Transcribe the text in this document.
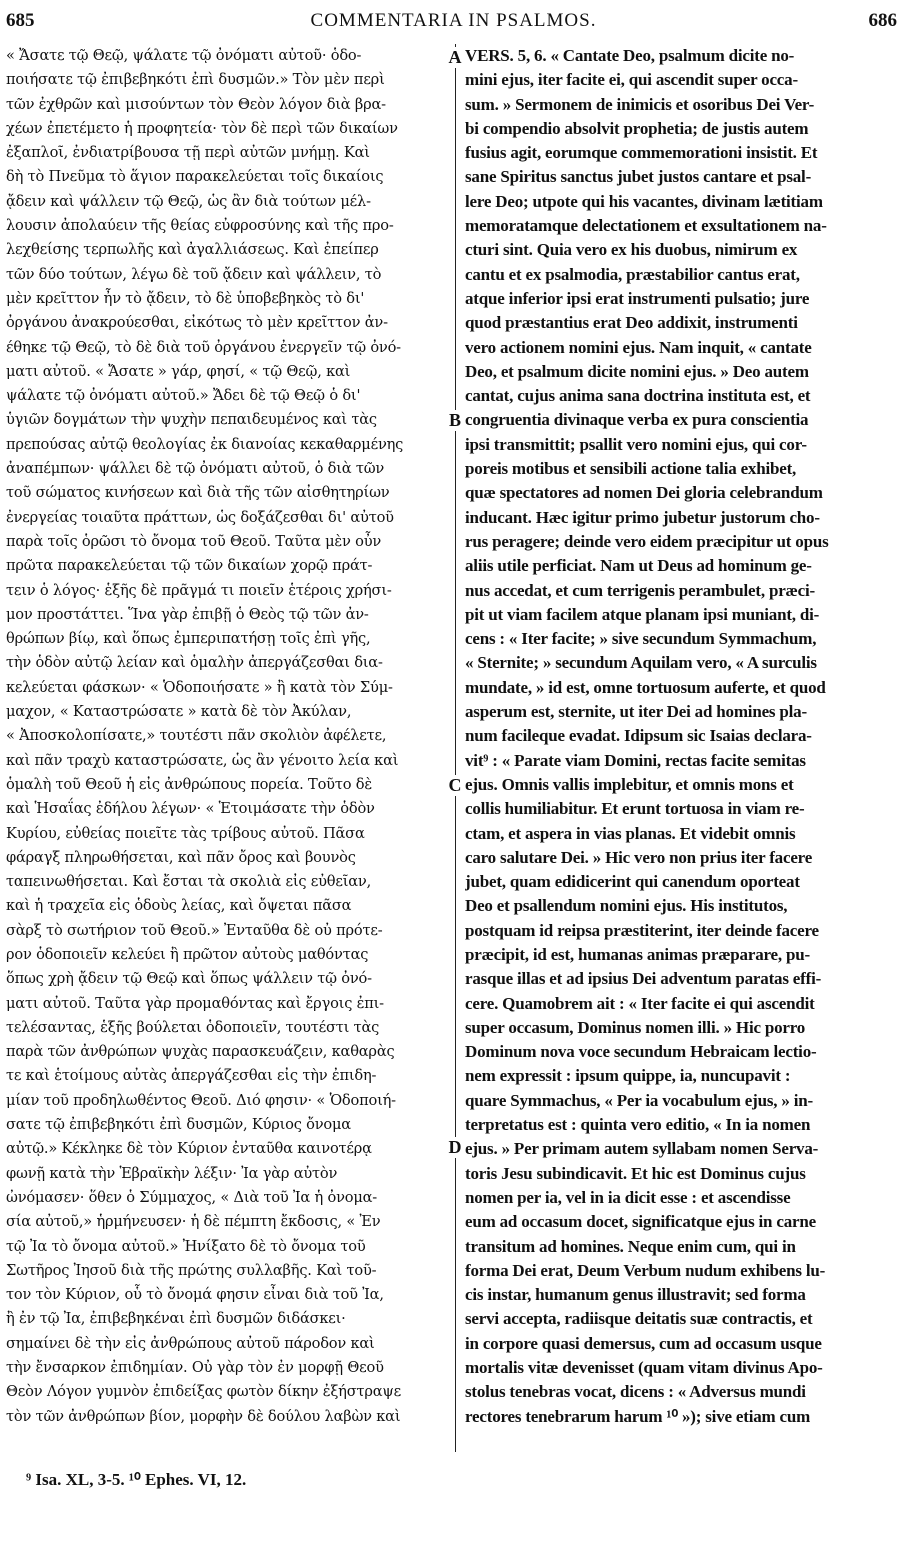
685	COMMENTARIA IN PSALMOS.	686
« Ἄσατε τῷ Θεῷ, ψάλατε τῷ ὀνόματι αὐτοῦ· ὁδο-
ποιήσατε τῷ ἐπιβεβηκότι ἐπὶ δυσμῶν.» Τὸν μὲν περὶ
τῶν ἐχθρῶν καὶ μισούντων τὸν Θεὸν λόγον διὰ βρα-
χέων ἐπετέμετο ἡ προφητεία· τὸν δὲ περὶ τῶν δικαίων
ἐξαπλοῖ, ἐνδιατρίβουσα τῇ περὶ αὐτῶν μνήμῃ. Καὶ
δὴ τὸ Πνεῦμα τὸ ἅγιον παρακελεύεται τοῖς δικαίοις
ᾄδειν καὶ ψάλλειν τῷ Θεῷ, ὡς ἂν διὰ τούτων μέλ-
λουσιν ἀπολαύειν τῆς θείας εὐφροσύνης καὶ τῆς προ-
λεχθείσης τερπωλῆς καὶ ἀγαλλιάσεως. Καὶ ἐπείπερ
τῶν δύο τούτων, λέγω δὲ τοῦ ᾄδειν καὶ ψάλλειν, τὸ
μὲν κρεῖττον ἦν τὸ ᾄδειν, τὸ δὲ ὑποβεβηκὸς τὸ δι'
ὀργάνου ἀνακρούεσθαι, εἰκότως τὸ μὲν κρεῖττον ἀν-
έθηκε τῷ Θεῷ, τὸ δὲ διὰ τοῦ ὀργάνου ἐνεργεῖν τῷ ὀνό-
ματι αὐτοῦ. « Ἄσατε » γάρ, φησί, « τῷ Θεῷ, καὶ
ψάλατε τῷ ὀνόματι αὐτοῦ.» Ἄδει δὲ τῷ Θεῷ ὁ δι'
ὑγιῶν δογμάτων τὴν ψυχὴν πεπαιδευμένος καὶ τὰς
πρεπούσας αὐτῷ θεολογίας ἐκ διανοίας κεκαθαρμένης
ἀναπέμπων· ψάλλει δὲ τῷ ὀνόματι αὐτοῦ, ὁ διὰ τῶν
τοῦ σώματος κινήσεων καὶ διὰ τῆς τῶν αἰσθητηρίων
ἐνεργείας τοιαῦτα πράττων, ὡς δοξάζεσθαι δι' αὐτοῦ
παρὰ τοῖς ὁρῶσι τὸ ὄνομα τοῦ Θεοῦ. Ταῦτα μὲν οὖν
πρῶτα παρακελεύεται τῷ τῶν δικαίων χορῷ πράτ-
τειν ὁ λόγος· ἑξῆς δὲ πρᾶγμά τι ποιεῖν ἑτέροις χρήσι-
μον προστάττει. Ἵνα γὰρ ἐπιβῇ ὁ Θεὸς τῷ τῶν ἀν-
θρώπων βίῳ, καὶ ὅπως ἐμπεριπατήσῃ τοῖς ἐπὶ γῆς,
τὴν ὁδὸν αὐτῷ λείαν καὶ ὁμαλὴν ἀπεργάζεσθαι δια-
κελεύεται φάσκων· « Ὁδοποιήσατε » ἢ κατὰ τὸν Σύμ-
μαχον, « Καταστρώσατε » κατὰ δὲ τὸν Ἀκύλαν,
« Ἀποσκολοπίσατε,» τουτέστι πᾶν σκολιὸν ἀφέλετε,
καὶ πᾶν τραχὺ καταστρώσατε, ὡς ἂν γένοιτο λεία καὶ
ὁμαλὴ τοῦ Θεοῦ ἡ εἰς ἀνθρώπους πορεία. Τοῦτο δὲ
καὶ Ἡσαΐας ἐδήλου λέγων· « Ἑτοιμάσατε τὴν ὁδὸν
Κυρίου, εὐθείας ποιεῖτε τὰς τρίβους αὐτοῦ. Πᾶσα
φάραγξ πληρωθήσεται, καὶ πᾶν ὄρος καὶ βουνὸς
ταπεινωθήσεται. Καὶ ἔσται τὰ σκολιὰ εἰς εὐθεῖαν,
καὶ ἡ τραχεῖα εἰς ὁδοὺς λείας, καὶ ὄψεται πᾶσα
σὰρξ τὸ σωτήριον τοῦ Θεοῦ.» Ἐνταῦθα δὲ οὐ πρότε-
ρον ὁδοποιεῖν κελεύει ἢ πρῶτον αὐτοὺς μαθόντας
ὅπως χρὴ ᾄδειν τῷ Θεῷ καὶ ὅπως ψάλλειν τῷ ὀνό-
ματι αὐτοῦ. Ταῦτα γὰρ προμαθόντας καὶ ἔργοις ἐπι-
τελέσαντας, ἑξῆς βούλεται ὁδοποιεῖν, τουτέστι τὰς
παρὰ τῶν ἀνθρώπων ψυχὰς παρασκευάζειν, καθαρὰς
τε καὶ ἑτοίμους αὐτὰς ἀπεργάζεσθαι εἰς τὴν ἐπιδη-
μίαν τοῦ προδηλωθέντος Θεοῦ. Διό φησιν· « Ὁδοποιή-
σατε τῷ ἐπιβεβηκότι ἐπὶ δυσμῶν, Κύριος ὄνομα
αὐτῷ.» Κέκληκε δὲ τὸν Κύριον ἐνταῦθα καινοτέρᾳ
φωνῇ κατὰ τὴν Ἑβραϊκὴν λέξιν· Ἰα γὰρ αὐτὸν
ὠνόμασεν· ὅθεν ὁ Σύμμαχος, « Διὰ τοῦ Ἰα ἡ ὀνομα-
σία αὐτοῦ,» ἡρμήνευσεν· ἡ δὲ πέμπτη ἔκδοσις, « Ἐν
τῷ Ἰα τὸ ὄνομα αὐτοῦ.» Ἠνίξατο δὲ τὸ ὄνομα τοῦ
Σωτῆρος Ἰησοῦ διὰ τῆς πρώτης συλλαβῆς. Καὶ τοῦ-
τον τὸν Κύριον, οὗ τὸ ὄνομά φησιν εἶναι διὰ τοῦ Ἰα,
ἢ ἐν τῷ Ἰα, ἐπιβεβηκέναι ἐπὶ δυσμῶν διδάσκει·
σημαίνει δὲ τὴν εἰς ἀνθρώπους αὐτοῦ πάροδον καὶ
τὴν ἔνσαρκον ἐπιδημίαν. Οὐ γὰρ τὸν ἐν μορφῇ Θεοῦ
Θεὸν Λόγον γυμνὸν ἐπιδείξας φωτὸν δίκην ἐξήστραψε
τὸν τῶν ἀνθρώπων βίον, μορφὴν δὲ δούλου λαβὼν καὶ
VERS. 5, 6. « Cantate Deo, psalmum dicite no-
mini ejus, iter facite ei, qui ascendit super occa-
sum. » Sermonem de inimicis et osoribus Dei Ver-
bi compendio absolvit prophetia; de justis autem
fusius agit, eorumque commemorationi insistit. Et
sane Spiritus sanctus jubet justos cantare et psal-
lere Deo; utpote qui his vacantes, divinam lætitiam
memoratamque delectationem et exsultationem na-
cturi sint. Quia vero ex his duobus, nimirum ex
cantu et ex psalmodia, præstabilior cantus erat,
atque inferior ipsi erat instrumenti pulsatio; jure
quod præstantius erat Deo addixit, instrumenti
vero actionem nomini ejus. Nam inquit, « cantate
Deo, et psalmum dicite nomini ejus. » Deo autem
cantat, cujus anima sana doctrina instituta est, et
congruentia divinaque verba ex pura conscientia
ipsi transmittit; psallit vero nomini ejus, qui cor-
poreis motibus et sensibili actione talia exhibet,
quæ spectatores ad nomen Dei gloria celebrandum
inducant. Hæc igitur primo jubetur justorum cho-
rus peragere; deinde vero eidem præcipitur ut opus
aliis utile perficiat. Nam ut Deus ad hominum ge-
nus accedat, et cum terrigenis perambulet, præci-
pit ut viam facilem atque planam ipsi muniant, di-
cens : « Iter facite; » sive secundum Symmachum,
« Sternite; » secundum Aquilam vero, « A surculis
mundate, » id est, omne tortuosum auferte, et quod
asperum est, sternite, ut iter Dei ad homines pla-
num facileque evadat. Idipsum sic Isaias declara-
vit⁹ : « Parate viam Domini, rectas facite semitas
ejus. Omnis vallis implebitur, et omnis mons et
collis humiliabitur. Et erunt tortuosa in viam re-
ctam, et aspera in vias planas. Et videbit omnis
caro salutare Dei. » Hic vero non prius iter facere
jubet, quam edidicerint qui canendum oporteat
Deo et psallendum nomini ejus. His institutos,
postquam id reipsa præstiterint, iter deinde facere
præcipit, id est, humanas animas præparare, pu-
rasque illas et ad ipsius Dei adventum paratas effi-
cere. Quamobrem ait : « Iter facite ei qui ascendit
super occasum, Dominus nomen illi. » Hic porro
Dominum nova voce secundum Hebraicam lectio-
nem expressit : ipsum quippe, ia, nuncupavit :
quare Symmachus, « Per ia vocabulum ejus, » in-
terpretatus est : quinta vero editio, « In ia nomen
ejus. » Per primam autem syllabam nomen Serva-
toris Jesu subindicavit. Et hic est Dominus cujus
nomen per ia, vel in ia dicit esse : et ascendisse
eum ad occasum docet, significatque ejus in carne
transitum ad homines. Neque enim cum, qui in
forma Dei erat, Deum Verbum nudum exhibens lu-
cis instar, humanum genus illustravit; sed forma
servi accepta, radiisque deitatis suæ contractis, et
in corpore quasi demersus, cum ad occasum usque
mortalis vitæ devenisset (quam vitam divinus Apo-
stolus tenebras vocat, dicens : « Adversus mundi
rectores tenebrarum harum ¹⁰ »); sive etiam cum
A
B
C
D
⁹ Isa. XL, 3-5. ¹⁰ Ephes. VI, 12.
